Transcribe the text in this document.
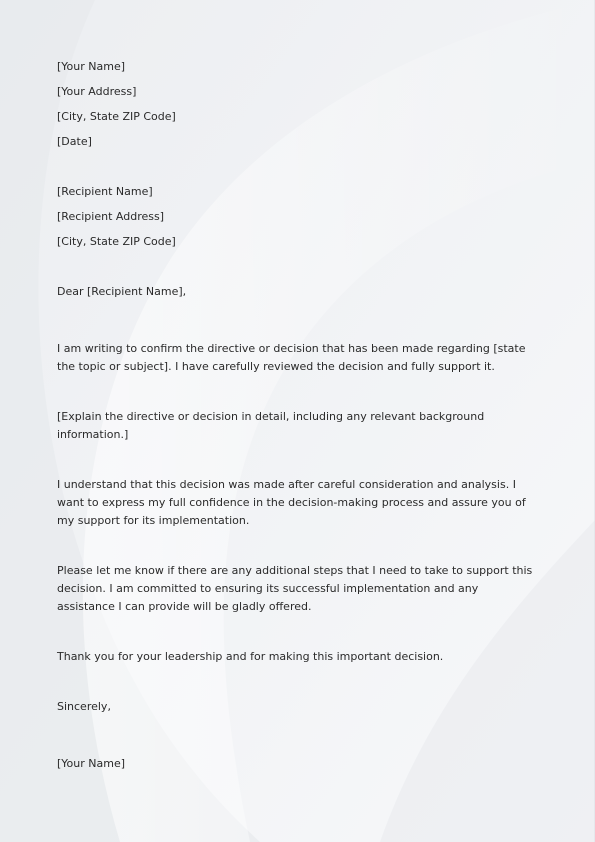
[Your Name]
[Your Address]
[City, State ZIP Code]
[Date]
[Recipient Name]
[Recipient Address]
[City, State ZIP Code]
Dear [Recipient Name],

I am writing to confirm the directive or decision that has been made regarding [state the topic or subject]. I have carefully reviewed the decision and fully support it.

[Explain the directive or decision in detail, including any relevant background information.]

I understand that this decision was made after careful consideration and analysis. I want to express my full confidence in the decision-making process and assure you of my support for its implementation.

Please let me know if there are any additional steps that I need to take to support this decision. I am committed to ensuring its successful implementation and any assistance I can provide will be gladly offered.

Thank you for your leadership and for making this important decision.

Sincerely,
[Your Name]
